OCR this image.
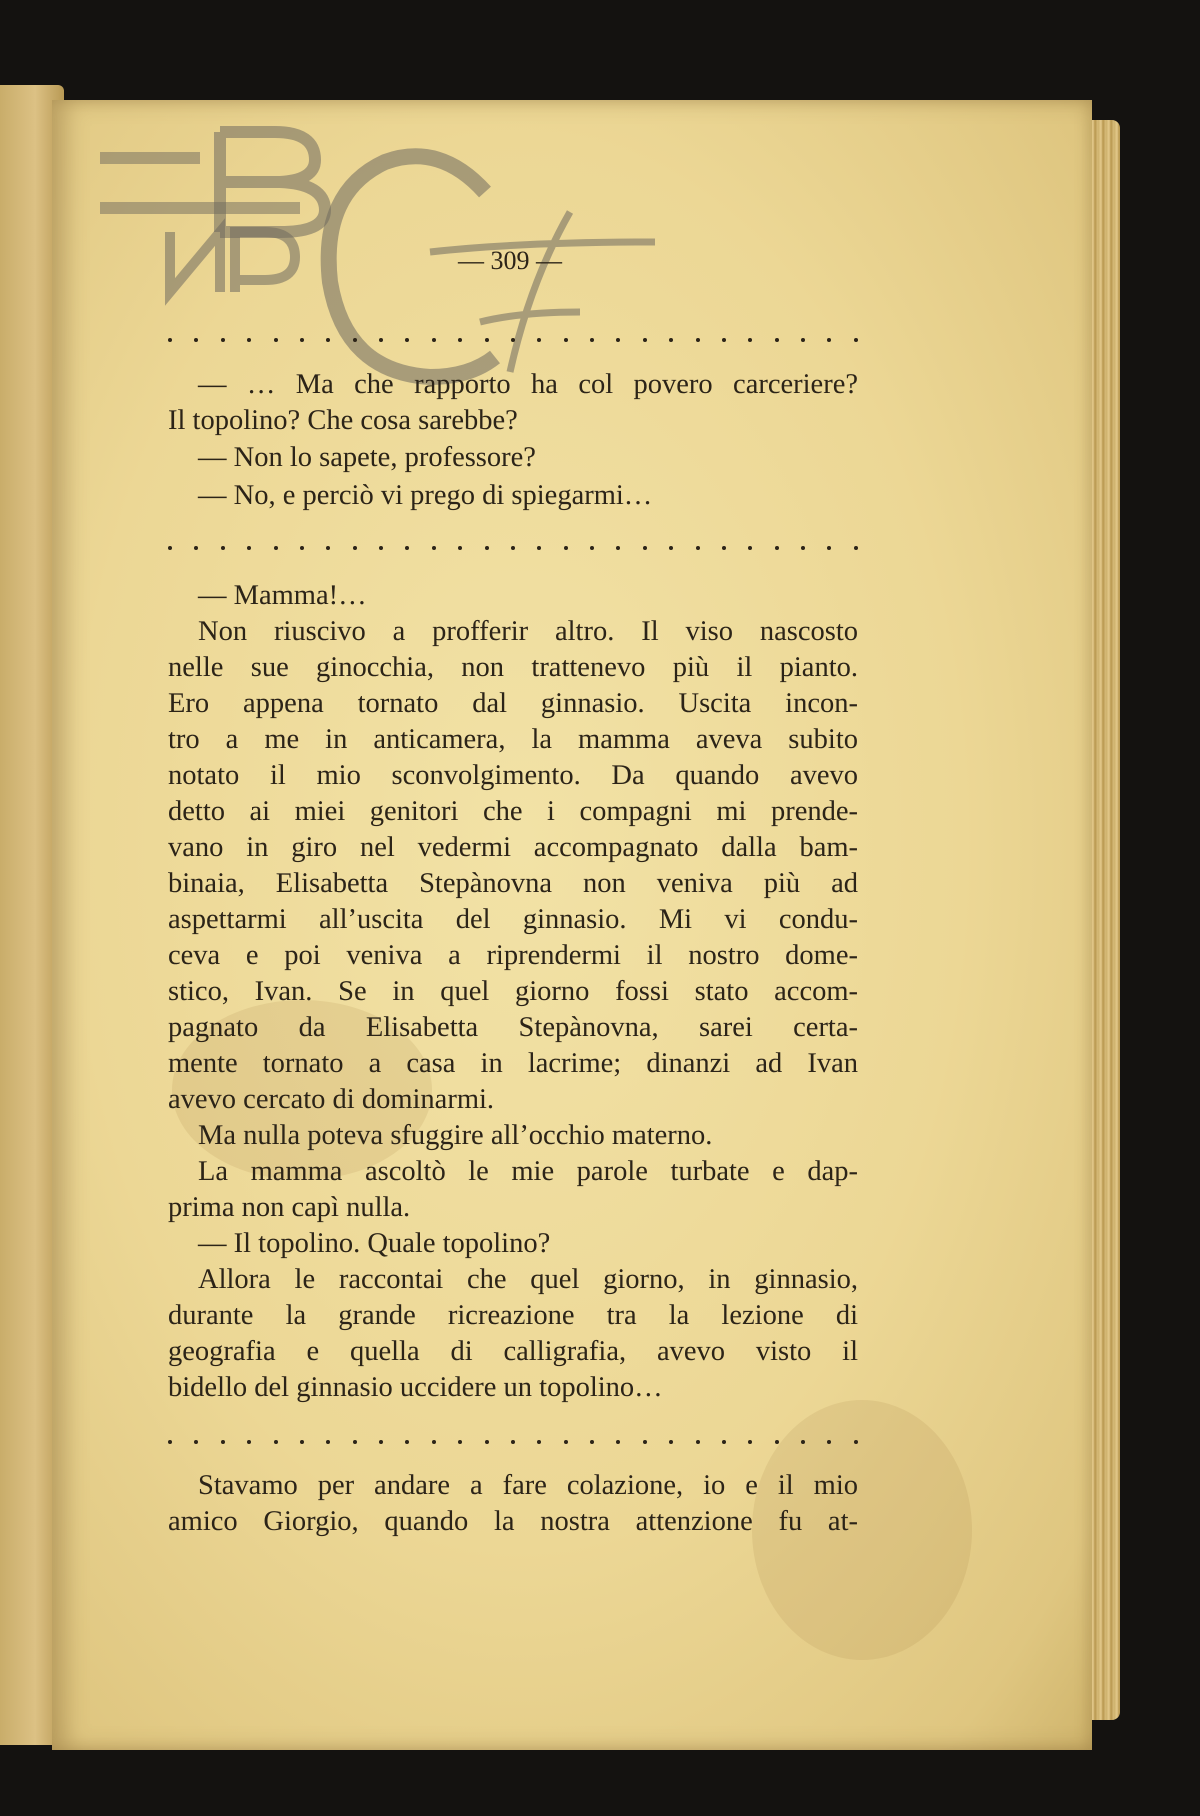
— 309 —
— … Ma che rapporto ha col povero carceriere?
Il topolino? Che cosa sarebbe?
— Non lo sapete, professore?
— No, e perciò vi prego di spiegarmi…
— Mamma!…
Non riuscivo a profferir altro. Il viso nascosto
nelle sue ginocchia, non trattenevo più il pianto.
Ero appena tornato dal ginnasio. Uscita incon-
tro a me in anticamera, la mamma aveva subito
notato il mio sconvolgimento. Da quando avevo
detto ai miei genitori che i compagni mi prende-
vano in giro nel vedermi accompagnato dalla bam-
binaia, Elisabetta Stepànovna non veniva più ad
aspettarmi all’uscita del ginnasio. Mi vi condu-
ceva e poi veniva a riprendermi il nostro dome-
stico, Ivan. Se in quel giorno fossi stato accom-
pagnato da Elisabetta Stepànovna, sarei certa-
mente tornato a casa in lacrime; dinanzi ad Ivan
avevo cercato di dominarmi.
Ma nulla poteva sfuggire all’occhio materno.
La mamma ascoltò le mie parole turbate e dap-
prima non capì nulla.
— Il topolino. Quale topolino?
Allora le raccontai che quel giorno, in ginnasio,
durante la grande ricreazione tra la lezione di
geografia e quella di calligrafia, avevo visto il
bidello del ginnasio uccidere un topolino…
Stavamo per andare a fare colazione, io e il mio
amico Giorgio, quando la nostra attenzione fu at-
